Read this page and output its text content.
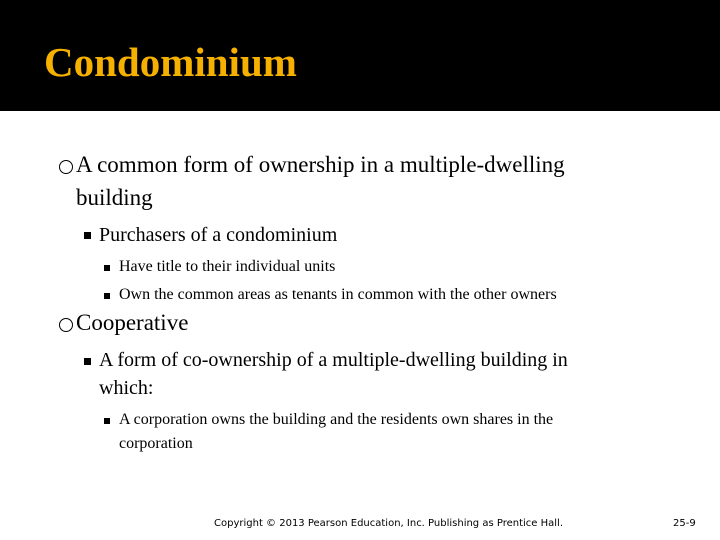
Condominium
A common form of ownership in a multiple-dwelling
building
Purchasers of a condominium
Have title to their individual units
Own the common areas as tenants in common with the other owners
Cooperative
A form of co-ownership of a multiple-dwelling building in
which:
A corporation owns the building and the residents own shares in the
corporation
Copyright © 2013 Pearson Education, Inc. Publishing as Prentice Hall.	25-9
